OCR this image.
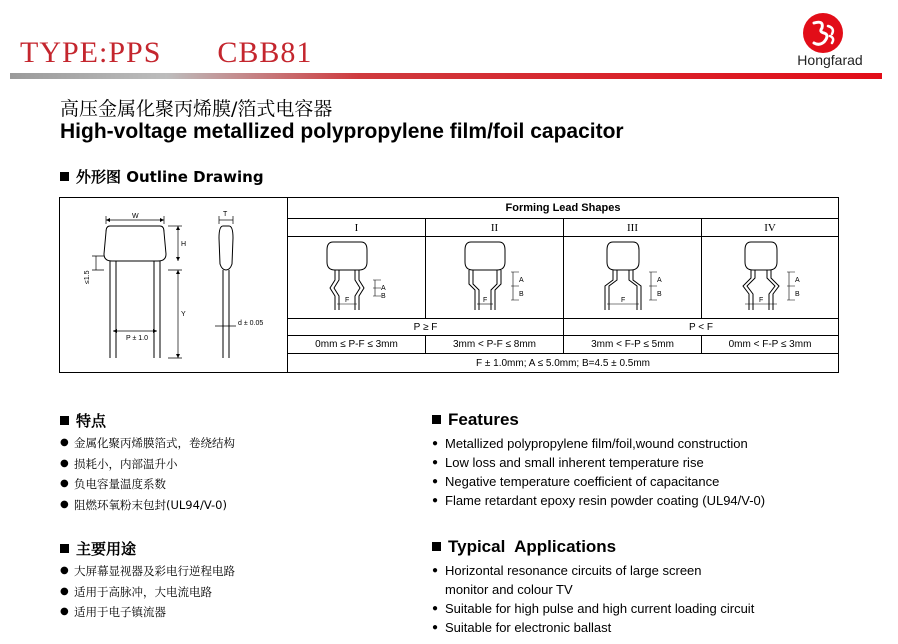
TYPE:PPS CBB81	Hongfarad
高压金属化聚丙烯膜/箔式电容器
High-voltage metallized polypropylene film/foil capacitor
外形图 Outline Drawing
W
H
Y
T
P ± 1.0
d ± 0.05
≤1.5
Forming Lead Shapes
I	II	III	IV
P ≥ F	P < F
0mm ≤ P-F ≤ 3mm	3mm < P-F ≤ 8mm	3mm < F-P ≤ 5mm	0mm < F-P ≤ 3mm
F ± 1.0mm; A ≤ 5.0mm; B=4.5 ± 0.5mm
A
B
F
A
B
F
A
B
F
A
B
F
特点
● 金属化聚丙烯膜箔式，卷绕结构
● 损耗小，内部温升小
● 负电容量温度系数
● 阻燃环氧粉末包封(UL94/V-0)
Features
● Metallized polypropylene film/foil,wound construction
● Low loss and small inherent temperature rise
● Negative temperature coefficient of capacitance
● Flame retardant epoxy resin powder coating (UL94/V-0)
主要用途
● 大屏幕显视器及彩电行逆程电路
● 适用于高脉冲，大电流电路
● 适用于电子镇流器
Typical  Applications
● Horizontal resonance circuits of large screen
monitor and colour TV
● Suitable for high pulse and high current loading circuit
● Suitable for electronic ballast
